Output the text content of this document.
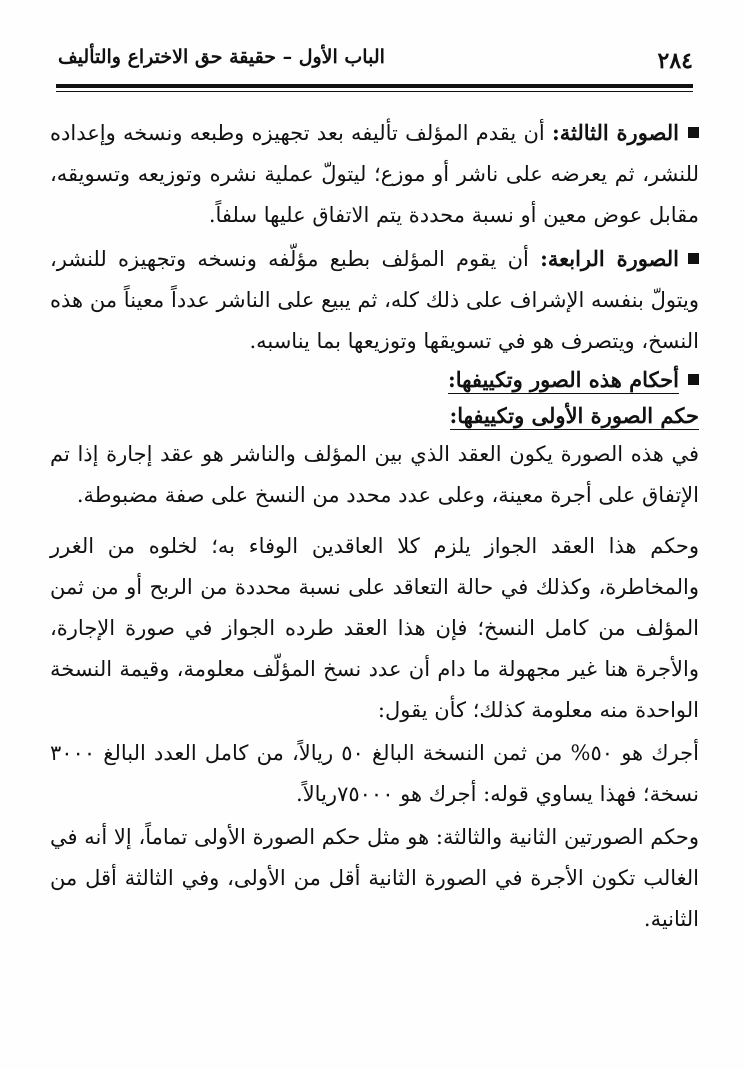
٢٨٤
الباب الأول – حقيقة حق الاختراع والتأليف

الصورة الثالثة: أن يقدم المؤلف تأليفه بعد تجهيزه وطبعه ونسخه وإعداده للنشر، ثم يعرضه على ناشر أو موزع؛ ليتولّ عملية نشره وتوزيعه وتسويقه، مقابل عوض معين أو نسبة محددة يتم الاتفاق عليها سلفاً.

الصورة الرابعة: أن يقوم المؤلف بطبع مؤلّفه ونسخه وتجهيزه للنشر، ويتولّ بنفسه الإشراف على ذلك كله، ثم يبيع على الناشر عدداً معيناً من هذه النسخ، ويتصرف هو في تسويقها وتوزيعها بما يناسبه.

أحكام هذه الصور وتكييفها:

حكم الصورة الأولى وتكييفها:

في هذه الصورة يكون العقد الذي بين المؤلف والناشر هو عقد إجارة إذا تم الإتفاق على أجرة معينة، وعلى عدد محدد من النسخ على صفة مضبوطة.

وحكم هذا العقد الجواز يلزم كلا العاقدين الوفاء به؛ لخلوه من الغرر والمخاطرة، وكذلك في حالة التعاقد على نسبة محددة من الربح أو من ثمن المؤلف من كامل النسخ؛ فإن هذا العقد طرده الجواز في صورة الإجارة، والأجرة هنا غير مجهولة ما دام أن عدد نسخ المؤلّف معلومة، وقيمة النسخة الواحدة منه معلومة كذلك؛ كأن يقول:

أجرك هو ٥٠% من ثمن النسخة البالغ ٥٠ ريالاً، من كامل العدد البالغ ٣٠٠٠ نسخة؛ فهذا يساوي قوله: أجرك هو ٧٥٠٠٠ريالاً.

وحكم الصورتين الثانية والثالثة: هو مثل حكم الصورة الأولى تماماً، إلا أنه في الغالب تكون الأجرة في الصورة الثانية أقل من الأولى، وفي الثالثة أقل من الثانية.
